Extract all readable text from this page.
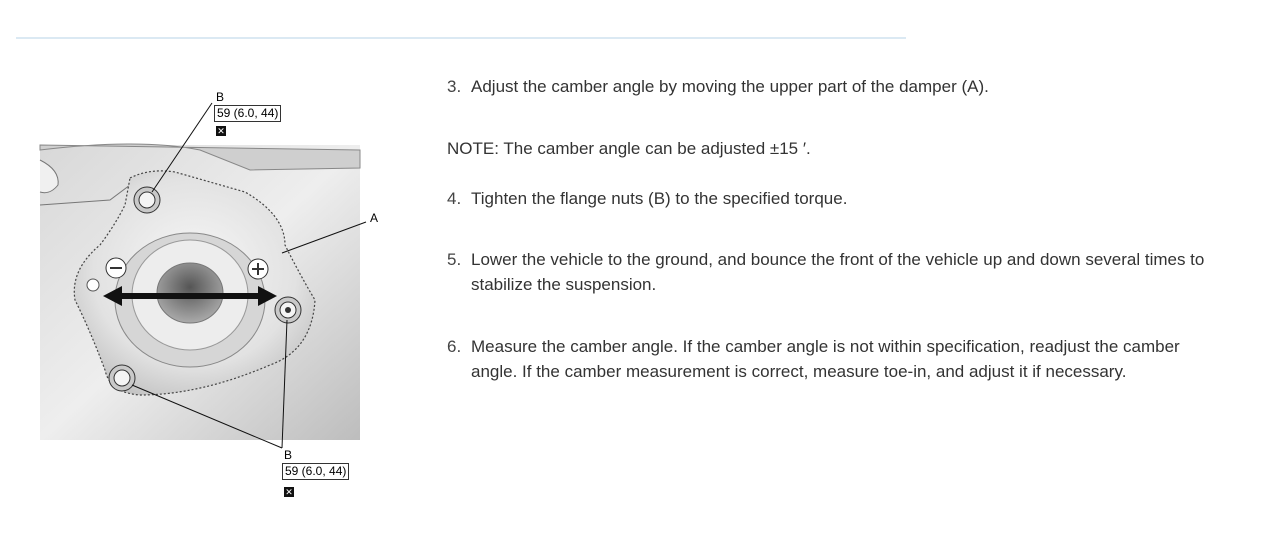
B
59 (6.0, 44)
✕
A
B
59 (6.0, 44)
✕
3. Adjust the camber angle by moving the upper part of the damper (A).
NOTE: The camber angle can be adjusted ±15 ′.
4. Tighten the flange nuts (B) to the specified torque.
5. Lower the vehicle to the ground, and bounce the front of the vehicle up and down several times to stabilize the suspension.
6. Measure the camber angle. If the camber angle is not within specification, readjust the camber angle. If the camber measurement is correct, measure toe-in, and adjust it if necessary.
